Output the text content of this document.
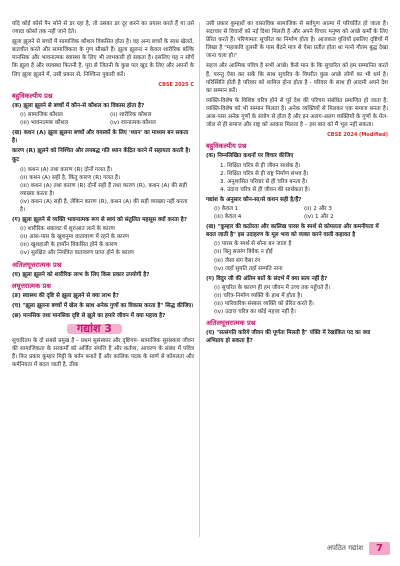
यदि कोई कोर्स पैन सोने से डर रहा है, तो उसका डर दूर करने का प्रयास करते हैं या उसे ज्यादा कोर्सा तक नहीं जाने देते।

झूला झूलने से बच्चों में सामाजिक कौशल विकसित होता है। वह अन्य बच्चों के साथ खेलते, बातचीत करते और सामाजिकता के गुण सीखते हैं। झूला झूलना न केवल शारीरिक बल्कि मानसिक और भावनात्मक स्वास्थ्य के लिए भी लाभकारी हो सकता है। इसलिए यह न सोचें कि झूला है और व्यवस्था कितनी है, पूरा से जितनी के कुछ पल खुद के लिए और अपनों के लिए झूला झूलने में, उसी प्रकार से, निश्चिन्त पुकारी करें।

CBSE 2025 C
बहुविकल्पीय प्रश्न
(क) झूला झूलने से बच्चों में कौन-से कौशल का विकास होता है?
(i) सामाजिक कौशल	(ii) शारीरिक कौशल
(iii) भावनात्मक कौशल	(iv) रचनात्मक कौशल
(ख) कथन (A) झूला झूलना बच्चों और वयस्कों के लिए 'ध्यान' का माध्यम बन सकता है।
कारण (R) झूलने को निश्चित और लयबद्ध गति ध्यान केंद्रित करने में सहायता करती है।
कूट
(i) कथन (A) तथा कारण (R) दोनों गलत हैं।
(ii) कथन (A) सही है, किंतु कारण (R) गलत है।
(iii) कथन (A) तथा कारण (R) दोनों सही हैं तथा कारण (R), कथन (A) की सही व्याख्या करता है।
(iv) कथन (A) सही है, लेकिन कारण (R), कथन (A) की सही व्याख्या नहीं करता है।
(ग) झूला झूलने से व्यक्ति भावनात्मक रूप से स्वयं को संतुलित महसूस क्यों करता है?
(i) शारीरिक थकावट में शुरुआत लाने के कारण
(ii) आस-पास के खुशनुमा वातावरण में रहने के कारण
(iii) खुशहाली के हार्मोन विकसित होने के कारण
(iv) सुरक्षित और नियंत्रित वातावरण प्राप्त होने के कारण
अतिलघूत्तरात्मक प्रश्न
(घ) झूला झूलने को शारीरिक लाभ के लिए किस प्रकार उपयोगी है?
लघूत्तरात्मक प्रश्न
(ङ) स्वास्थ्य की दृष्टि से झूला झूलने से क्या लाभ है?
(च) "झूला झूलना बच्चों में खेल के साथ अनेक गुणों का विकास करता है" सिद्ध कीजिए।
(छ) मानसिक तथा मानसिक दृष्टि से झूले का हमारे जीवन में क्या महत्त्व है?
गद्यांश 3

सुचारितम के दो सबसे प्रमुख हैं – प्रथम सुसंस्कार और दृष्टिगम- सामाजिक सुसंस्कार जीवन की सामाजिकता के सरकर्मों को अर्जित संपत्ति है और कर्तव्य, आचरण के संबंध में पवित्र हैं। फिर प्रकार कुम्हार मिट्टी के बर्तन बनाते हैं और कालिक पदक के स्वर्ण से कोमलता और कर्मनियता में बदल जाती है, ठीक

उसी प्रकार कुम्हारों का वास्तविक सामाजिक से सर्वगुण आत्मा में परिवर्तित हो जाता है। सदाचार से विचारों को नई दिशा मिलती है और अपने विचार मनुष्य को अच्छे कर्मों के लिए प्रेरित करते हैं। परिणामतः सुचरित का निर्माण होता है। आजकल वृत्तियों इसलिए दृष्टियों में लिखा है "महाकवि तुलसी के पास बैठने मात्र से ऐसा प्रतीत होता था मानो गौतम बुद्ध देखा जाना चला हो।"

सहज और आत्मिक पवित्र है सभी अच्छे। कैसे मान के कि सुचारित को हम सम्मानित करते हैं, परन्तु ऐसा कर सकें कि साथ सुचरित्र के विपरीत कुछ अच्छे लोगों का भी धर्म है। परिस्थिति होती है परिवार को शामिल होना होता है - परिवार के साथ ही आदमी अपने देश का सम्मान करें।

व्यक्ति-विशेष के विशिष्ट चरित्र होने से पूरे देश की परिचय संबंधित प्रमाणित हो जाता है, व्यक्ति-विशेष को भी सम्मान मिलता है। अनेक व्यक्तियों से मिलकर एक समाज बनता है। आस-पास अनेक गुणों के संयोग से होता है और इन अलग-अलग व्यक्तियों के गुणों के मेल-जोल से ही समाज और राष्ट्र को आकार मिलता है – इस बात को मैं भूल नहीं सकता।

CBSE 2024 (Modified)
बहुविकल्पीय प्रश्न
(क) निम्नलिखित कथनों पर विचार कीजिए
1. शिक्षित चरित्र से ही जीवन सार्थक है।
2. शिक्षित चरित्र से ही राष्ट्र निर्माण संभव है।
3. अनुशासित परिवार से ही चरित्र बनता है।
4. उदात्त चरित्र से ही जीवन की सार्थकता है।
गद्यांश के अनुसार कौन-सा/से कथन सही है/हैं?
(i) केवल 1	(ii) 2 और 3
(iii) केवल 4	(iv) 1 और 2
(ख) "कुम्हार की कठोरता और कालिख पारस के स्पर्श से कोमलता और कमनीयता में बदल जाती है" इस उदाहरण के मूल भाव को व्यक्त करने वाली कहावत है
(i) पारस के स्पर्श से सोना बन जाता है
(ii) बिनु सत्संग विवेक न होई
(iii) जैसा संग वैसा रंग
(iv) जहाँ सुमति तहाँ सम्पति नाना
(ग) विदुर जी की अंतिम बातें के संदर्भ में क्या सत्य नहीं है?
(i) सुचरित के कारण ही हम जीवन में उच्च तक पहुँचते हैं।
(ii) चरित्र-निर्माण व्यक्ति के हाथ में होता है।
(iii) पारिवारिक संस्कार व्यक्ति को प्रेरित करते हैं।
(iv) उदात्त चरित्र का कोई महत्त्व नहीं है।
अतिलघूत्तरात्मक प्रश्न
(घ) "सत्संगति करिये जीवन की पूर्णता मिलती है" पंक्ति में रेखांकित पद का क्या अभिप्राय हो सकता है?
अपठित गद्यांश	7
